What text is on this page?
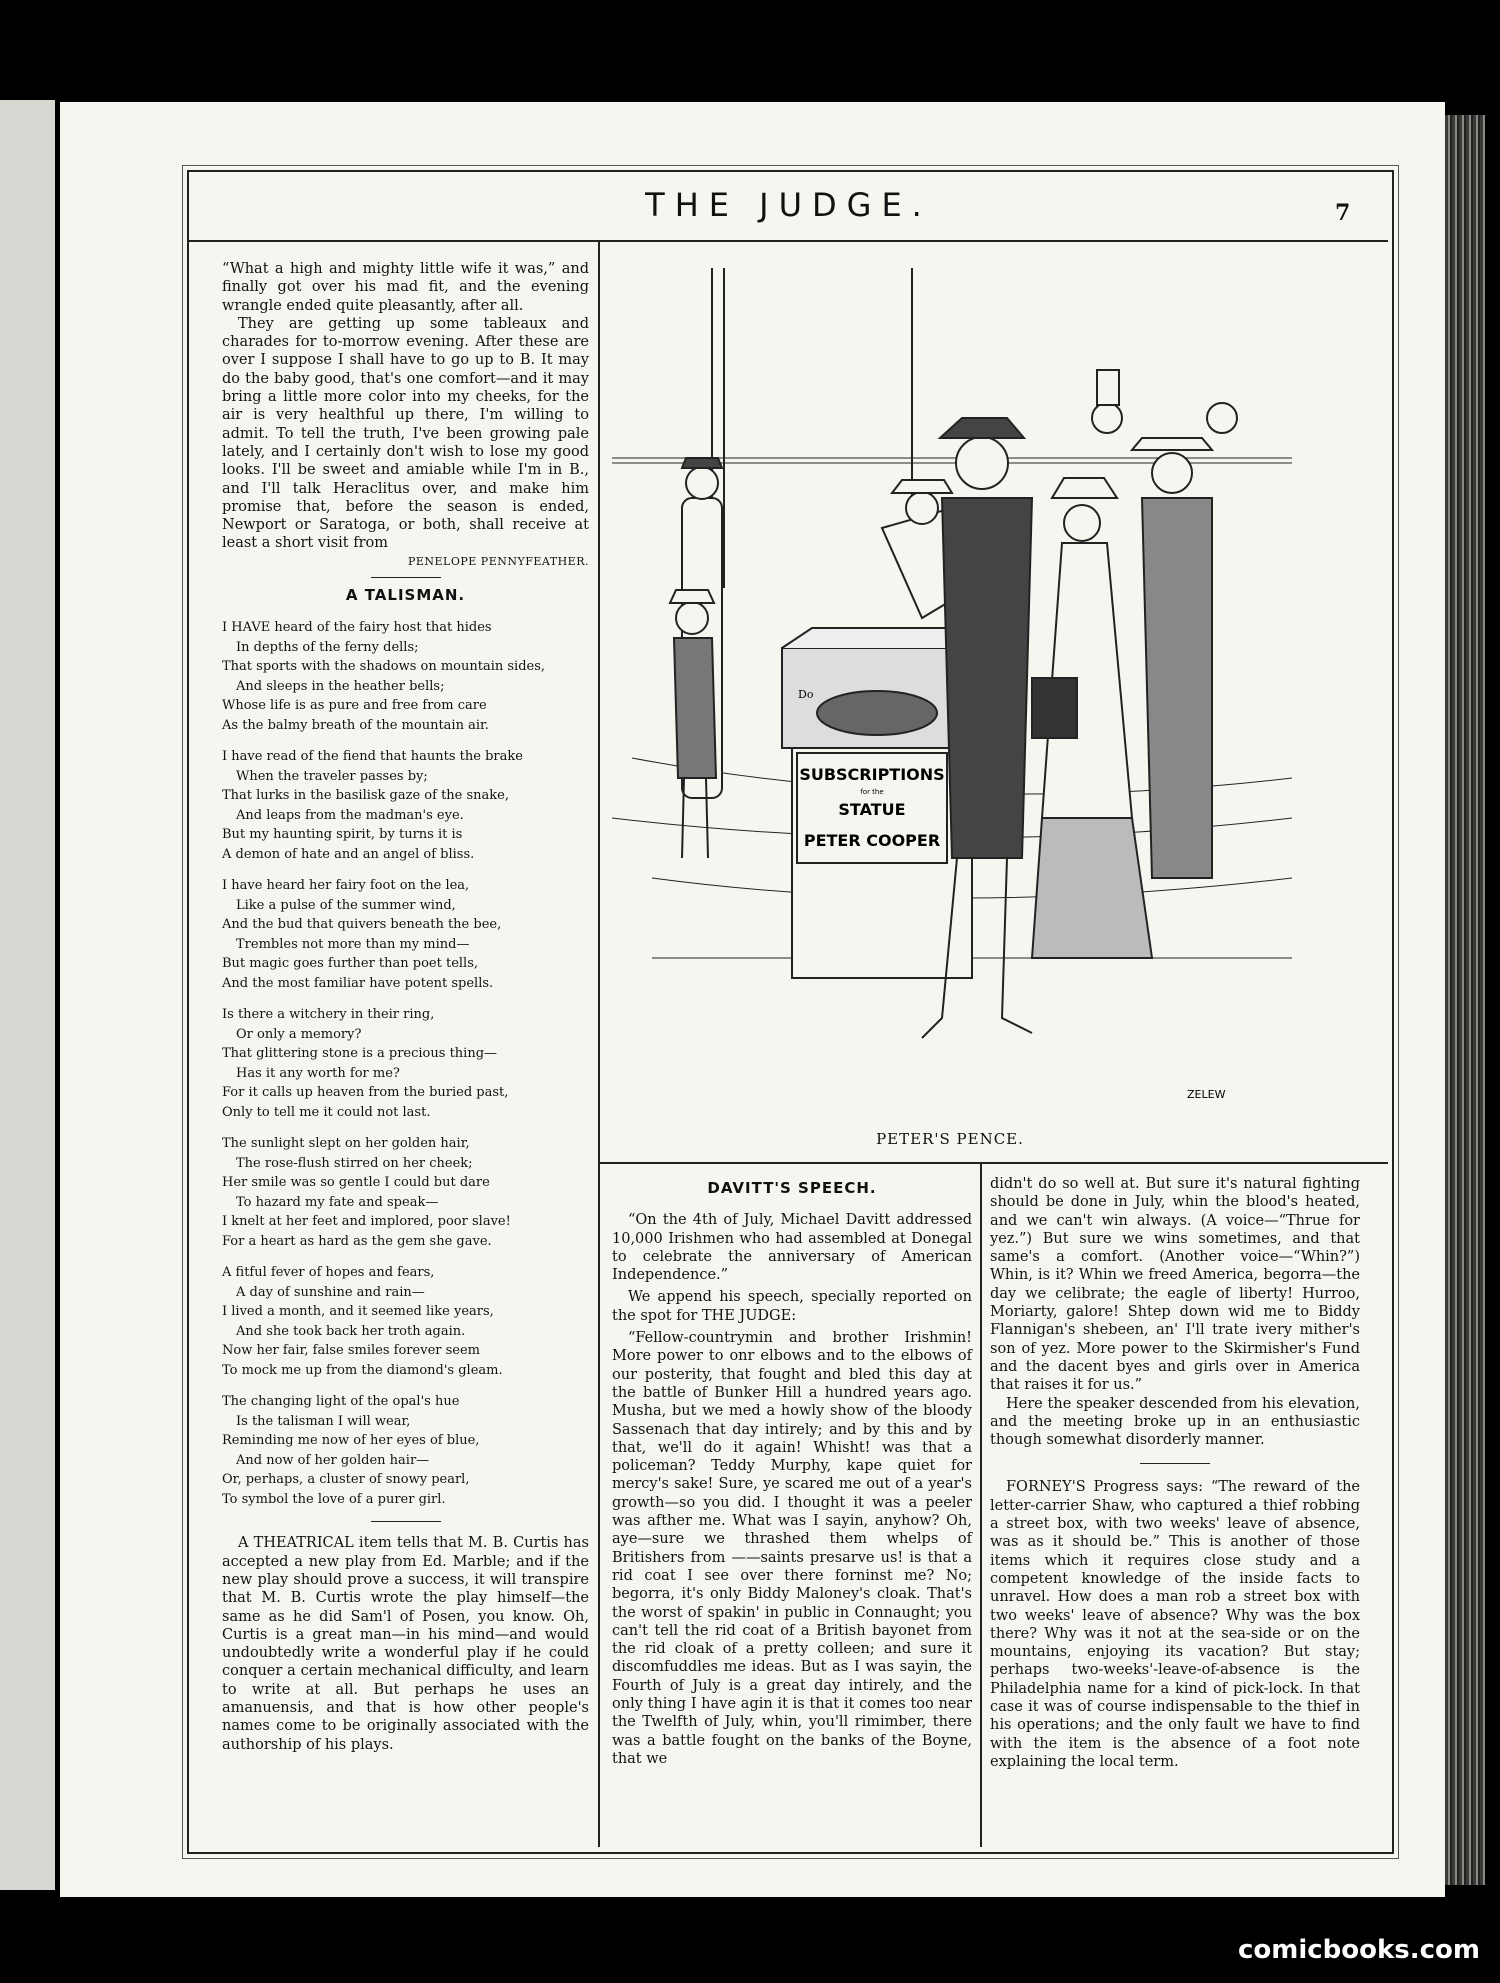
THE JUDGE.	7

“What a high and mighty little wife it was,” and finally got over his mad fit, and the evening wrangle ended quite pleasantly, after all.

They are getting up some tableaux and charades for to-morrow evening. After these are over I suppose I shall have to go up to B. It may do the baby good, that's one comfort—and it may bring a little more color into my cheeks, for the air is very healthful up there, I'm willing to admit. To tell the truth, I've been growing pale lately, and I certainly don't wish to lose my good looks. I'll be sweet and amiable while I'm in B., and I'll talk Heraclitus over, and make him promise that, before the season is ended, Newport or Saratoga, or both, shall receive at least a short visit from

PENELOPE PENNYFEATHER.

A TALISMAN.
I HAVE heard of the fairy host that hides
In depths of the ferny dells;
That sports with the shadows on mountain sides,
And sleeps in the heather bells;
Whose life is as pure and free from care
As the balmy breath of the mountain air.
I have read of the fiend that haunts the brake
When the traveler passes by;
That lurks in the basilisk gaze of the snake,
And leaps from the madman's eye.
But my haunting spirit, by turns it is
A demon of hate and an angel of bliss.
I have heard her fairy foot on the lea,
Like a pulse of the summer wind,
And the bud that quivers beneath the bee,
Trembles not more than my mind—
But magic goes further than poet tells,
And the most familiar have potent spells.
Is there a witchery in their ring,
Or only a memory?
That glittering stone is a precious thing—
Has it any worth for me?
For it calls up heaven from the buried past,
Only to tell me it could not last.
The sunlight slept on her golden hair,
The rose-flush stirred on her cheek;
Her smile was so gentle I could but dare
To hazard my fate and speak—
I knelt at her feet and implored, poor slave!
For a heart as hard as the gem she gave.
A fitful fever of hopes and fears,
A day of sunshine and rain—
I lived a month, and it seemed like years,
And she took back her troth again.
Now her fair, false smiles forever seem
To mock me up from the diamond's gleam.
The changing light of the opal's hue
Is the talisman I will wear,
Reminding me now of her eyes of blue,
And now of her golden hair—
Or, perhaps, a cluster of snowy pearl,
To symbol the love of a purer girl.

A THEATRICAL item tells that M. B. Curtis has accepted a new play from Ed. Marble; and if the new play should prove a success, it will transpire that M. B. Curtis wrote the play himself—the same as he did Sam'l of Posen, you know. Oh, Curtis is a great man—in his mind—and would undoubtedly write a wonderful play if he could conquer a certain mechanical difficulty, and learn to write at all. But perhaps he uses an amanuensis, and that is how other people's names come to be originally associated with the authorship of his plays.

Do
SUBSCRIPTIONS
for the
STATUE
PETER COOPER
ZELEW
PETER'S PENCE.
DAVITT'S SPEECH.

“On the 4th of July, Michael Davitt addressed 10,000 Irishmen who had assembled at Donegal to celebrate the anniversary of American Independence.”

We append his speech, specially reported on the spot for THE JUDGE:

“Fellow-countrymin and brother Irishmin! More power to onr elbows and to the elbows of our posterity, that fought and bled this day at the battle of Bunker Hill a hundred years ago. Musha, but we med a howly show of the bloody Sassenach that day intirely; and by this and by that, we'll do it again! Whisht! was that a policeman? Teddy Murphy, kape quiet for mercy's sake! Sure, ye scared me out of a year's growth—so you did. I thought it was a peeler was afther me. What was I sayin, anyhow? Oh, aye—sure we thrashed them whelps of Britishers from ——saints presarve us! is that a rid coat I see over there forninst me? No; begorra, it's only Biddy Maloney's cloak. That's the worst of spakin' in public in Connaught; you can't tell the rid coat of a British bayonet from the rid cloak of a pretty colleen; and sure it discomfuddles me ideas. But as I was sayin, the Fourth of July is a great day intirely, and the only thing I have agin it is that it comes too near the Twelfth of July, whin, you'll rimimber, there was a battle fought on the banks of the Boyne, that we

didn't do so well at. But sure it's natural fighting should be done in July, whin the blood's heated, and we can't win always. (A voice—“Thrue for yez.”) But sure we wins sometimes, and that same's a comfort. (Another voice—“Whin?”) Whin, is it? Whin we freed America, begorra—the day we celibrate; the eagle of liberty! Hurroo, Moriarty, galore! Shtep down wid me to Biddy Flannigan's shebeen, an' I'll trate ivery mither's son of yez. More power to the Skirmisher's Fund and the dacent byes and girls over in America that raises it for us.”

Here the speaker descended from his elevation, and the meeting broke up in an enthusiastic though somewhat disorderly manner.

FORNEY'S Progress says: “The reward of the letter-carrier Shaw, who captured a thief robbing a street box, with two weeks' leave of absence, was as it should be.” This is another of those items which it requires close study and a competent knowledge of the inside facts to unravel. How does a man rob a street box with two weeks' leave of absence? Why was the box there? Why was it not at the sea-side or on the mountains, enjoying its vacation? But stay; perhaps two-weeks'-leave-of-absence is the Philadelphia name for a kind of pick-lock. In that case it was of course indispensable to the thief in his operations; and the only fault we have to find with the item is the absence of a foot note explaining the local term.

comicbooks.com
